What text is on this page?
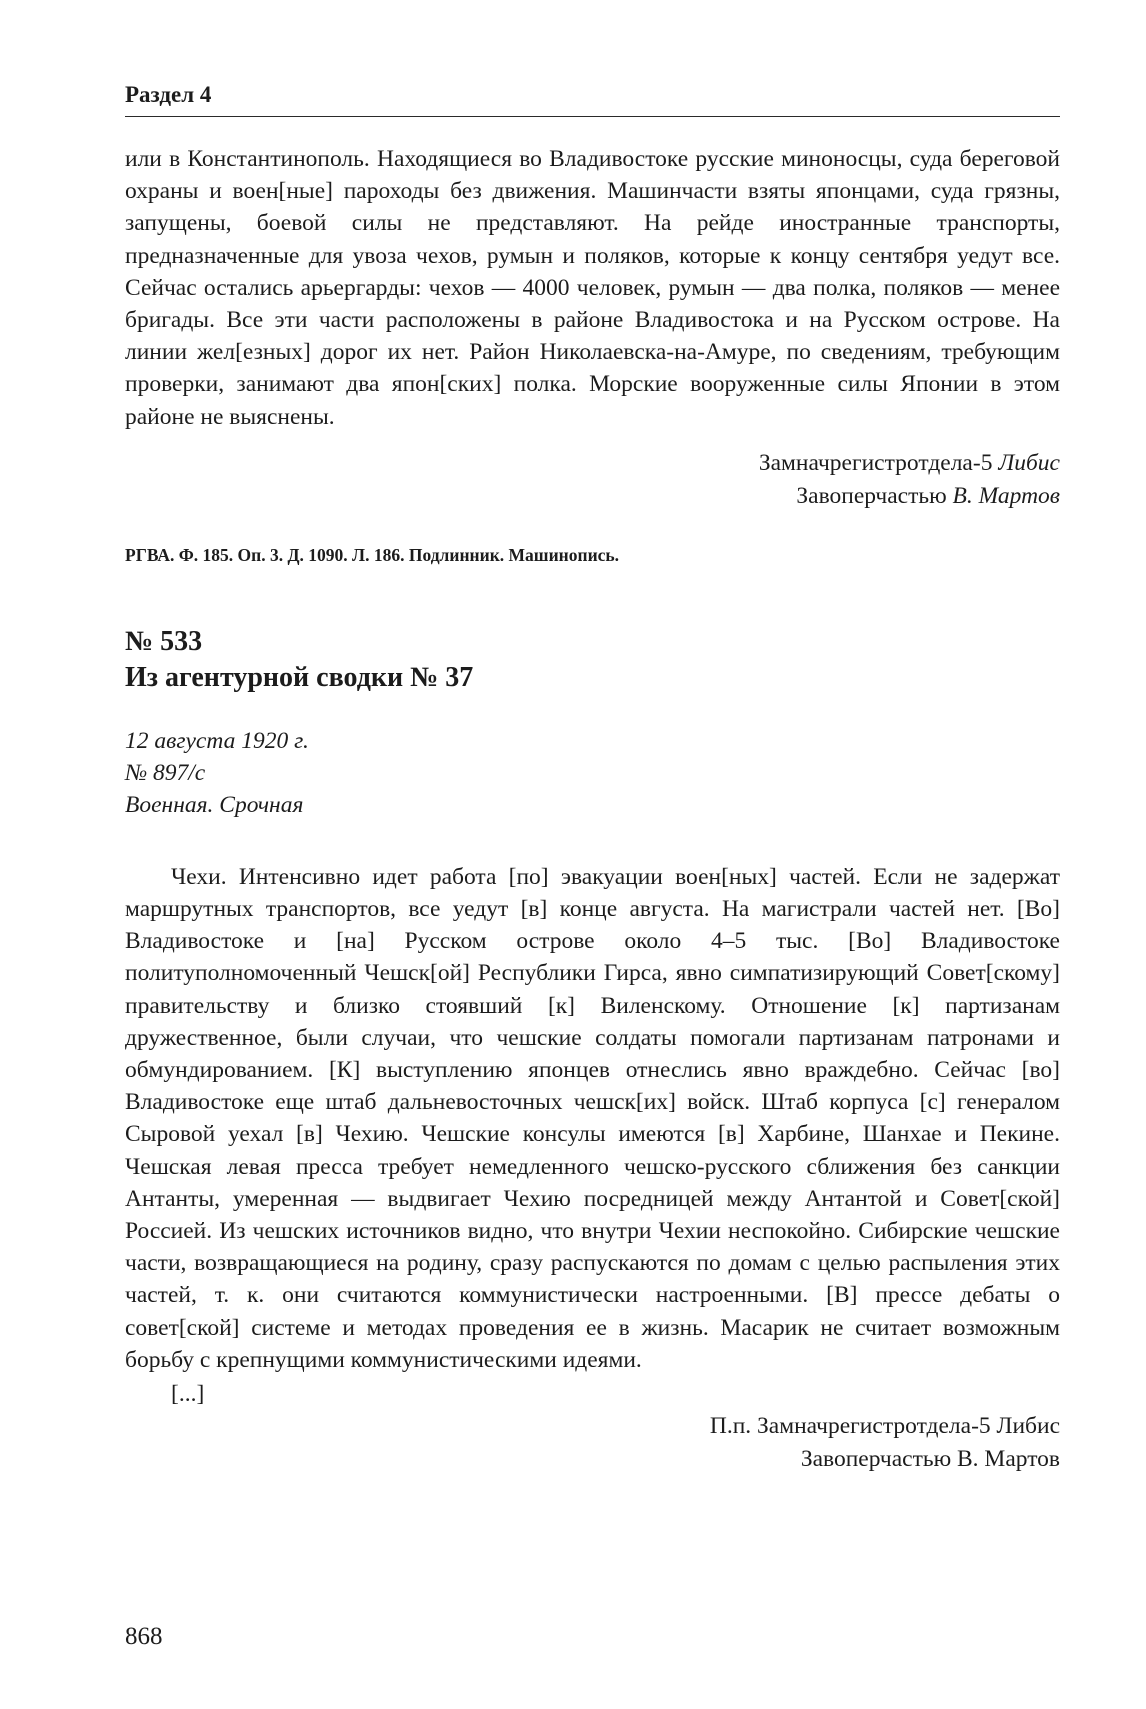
Раздел 4

или в Константинополь. Находящиеся во Владивостоке русские миноносцы, суда береговой охраны и воен[ные] пароходы без движения. Машинчасти взяты японцами, суда грязны, запущены, боевой силы не представляют. На рейде иностранные транспорты, предназначенные для увоза чехов, румын и поляков, которые к концу сентября уедут все. Сейчас остались арьергарды: чехов — 4000 человек, румын — два полка, поляков — менее бригады. Все эти части расположены в районе Владивостока и на Русском острове. На линии жел[езных] дорог их нет. Район Николаевска-на-Амуре, по сведениям, требующим проверки, занимают два япон[ских] полка. Морские вооруженные силы Японии в этом районе не выяснены.

Замначрегистротдела-5 Либис
Завоперчастью В. Мартов
РГВА. Ф. 185. Оп. 3. Д. 1090. Л. 186. Подлинник. Машинопись.
№ 533
Из агентурной сводки № 37
12 августа 1920 г.
№ 897/с
Военная. Срочная

Чехи. Интенсивно идет работа [по] эвакуации воен[ных] частей. Если не задержат маршрутных транспортов, все уедут [в] конце августа. На магистрали частей нет. [Во] Владивостоке и [на] Русском острове около 4–5 тыс. [Во] Владивостоке политуполномоченный Чешск[ой] Республики Гирса, явно симпатизирующий Совет[скому] правительству и близко стоявший [к] Виленскому. Отношение [к] партизанам дружественное, были случаи, что чешские солдаты помогали партизанам патронами и обмундированием. [К] выступлению японцев отнеслись явно враждебно. Сейчас [во] Владивостоке еще штаб дальневосточных чешск[их] войск. Штаб корпуса [с] генералом Сыровой уехал [в] Чехию. Чешские консулы имеются [в] Харбине, Шанхае и Пекине. Чешская левая пресса требует немедленного чешско-русского сближения без санкции Антанты, умеренная — выдвигает Чехию посредницей между Антантой и Совет[ской] Россией. Из чешских источников видно, что внутри Чехии неспокойно. Сибирские чешские части, возвращающиеся на родину, сразу распускаются по домам с целью распыления этих частей, т. к. они считаются коммунистически настроенными. [В] прессе дебаты о совет[ской] системе и методах проведения ее в жизнь. Масарик не считает возможным борьбу с крепнущими коммунистическими идеями.

[...]
П.п. Замначрегистротдела-5 Либис
Завоперчастью В. Мартов
868
